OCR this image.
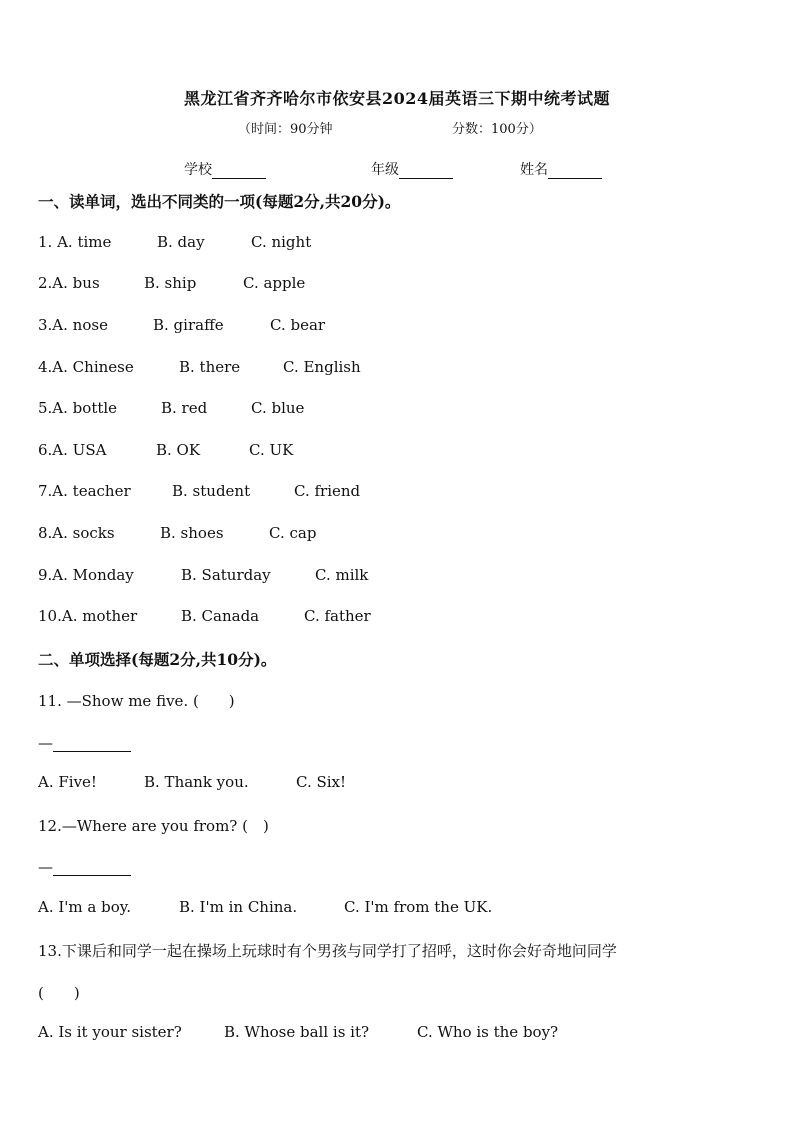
黑龙江省齐齐哈尔市依安县2024届英语三下期中统考试题
（时间：90分钟	分数：100分）
学校	年级	姓名
一、读单词，选出不同类的一项(每题2分,共20分)。
1. A. time	B. day	C. night
2.A. bus	B. ship	C. apple
3.A. nose	B. giraffe	C. bear
4.A. Chinese	B. there	C. English
5.A. bottle	B. red	C. blue
6.A. USA	B. OK	C. UK
7.A. teacher	B. student	C. friend
8.A. socks	B. shoes	C. cap
9.A. Monday	B. Saturday	C. milk
10.A. mother	B. Canada	C. father
二、单项选择(每题2分,共10分)。
11. —Show me five. (　　)
—
A. Five!	B. Thank you.	C. Six!
12.—Where are you from? (　)
—
A. I'm a boy.	B. I'm in China.	C. I'm from the UK.
13.下课后和同学一起在操场上玩球时有个男孩与同学打了招呼，这时你会好奇地问同学
(　　)
A. Is it your sister?	B. Whose ball is it?	C. Who is the boy?
